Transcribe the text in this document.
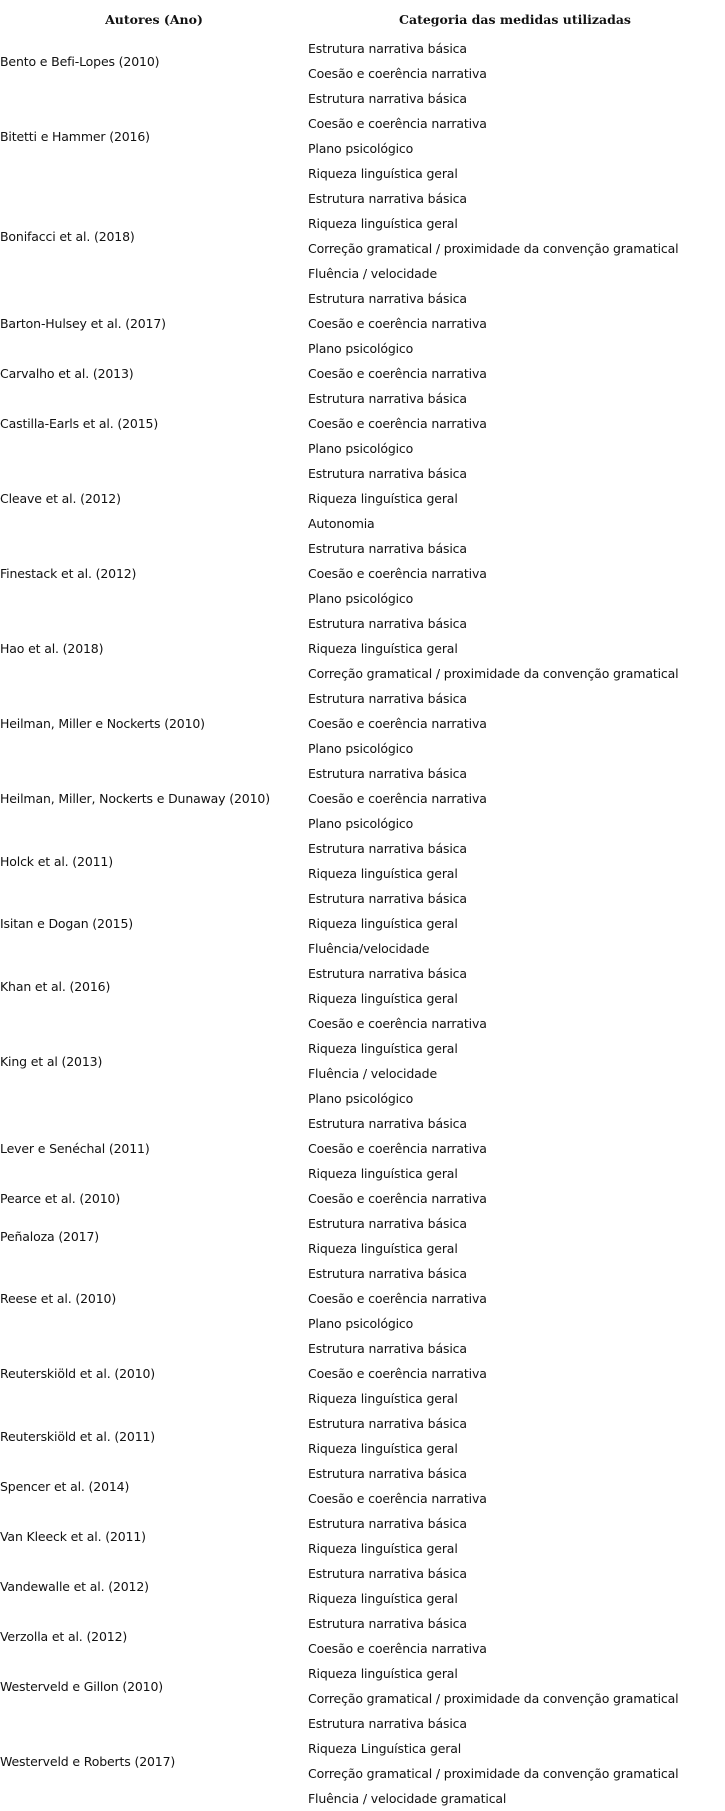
Autores (Ano)	Categoria das medidas utilizadas
Bento e Befi-Lopes (2010)	Estrutura narrativa básica
Coesão e coerência narrativa

Bitetti e Hammer (2016)	Estrutura narrativa básica
Coesão e coerência narrativa
Plano psicológico
Riqueza linguística geral

Bonifacci et al. (2018)	Estrutura narrativa básica
Riqueza linguística geral
Correção gramatical / proximidade da convenção gramatical
Fluência / velocidade

Barton-Hulsey et al. (2017)	Estrutura narrativa básica
Coesão e coerência narrativa
Plano psicológico

Carvalho et al. (2013)	Coesão e coerência narrativa

Castilla-Earls et al. (2015)	Estrutura narrativa básica
Coesão e coerência narrativa
Plano psicológico

Cleave et al. (2012)	Estrutura narrativa básica
Riqueza linguística geral
Autonomia

Finestack et al. (2012)	Estrutura narrativa básica
Coesão e coerência narrativa
Plano psicológico

Hao et al. (2018)	Estrutura narrativa básica
Riqueza linguística geral
Correção gramatical / proximidade da convenção gramatical

Heilman, Miller e Nockerts (2010)	Estrutura narrativa básica
Coesão e coerência narrativa
Plano psicológico

Heilman, Miller, Nockerts e Dunaway (2010)	Estrutura narrativa básica
Coesão e coerência narrativa
Plano psicológico

Holck et al. (2011)	Estrutura narrativa básica
Riqueza linguística geral

Isitan e Dogan (2015)	Estrutura narrativa básica
Riqueza linguística geral
Fluência/velocidade

Khan et al. (2016)	Estrutura narrativa básica
Riqueza linguística geral

King et al (2013)	Coesão e coerência narrativa
Riqueza linguística geral
Fluência / velocidade
Plano psicológico

Lever e Senéchal (2011)	Estrutura narrativa básica
Coesão e coerência narrativa
Riqueza linguística geral

Pearce et al. (2010)	Coesão e coerência narrativa

Peñaloza (2017)	Estrutura narrativa básica
Riqueza linguística geral

Reese et al. (2010)	Estrutura narrativa básica
Coesão e coerência narrativa
Plano psicológico

Reuterskiöld et al. (2010)	Estrutura narrativa básica
Coesão e coerência narrativa
Riqueza linguística geral

Reuterskiöld et al. (2011)	Estrutura narrativa básica
Riqueza linguística geral

Spencer et al. (2014)	Estrutura narrativa básica
Coesão e coerência narrativa

Van Kleeck et al. (2011)	Estrutura narrativa básica
Riqueza linguística geral

Vandewalle et al. (2012)	Estrutura narrativa básica
Riqueza linguística geral

Verzolla et al. (2012)	Estrutura narrativa básica
Coesão e coerência narrativa

Westerveld e Gillon (2010)	Riqueza linguística geral
Correção gramatical / proximidade da convenção gramatical

Westerveld e Roberts (2017)	Estrutura narrativa básica
Riqueza Linguística geral
Correção gramatical / proximidade da convenção gramatical
Fluência / velocidade gramatical
